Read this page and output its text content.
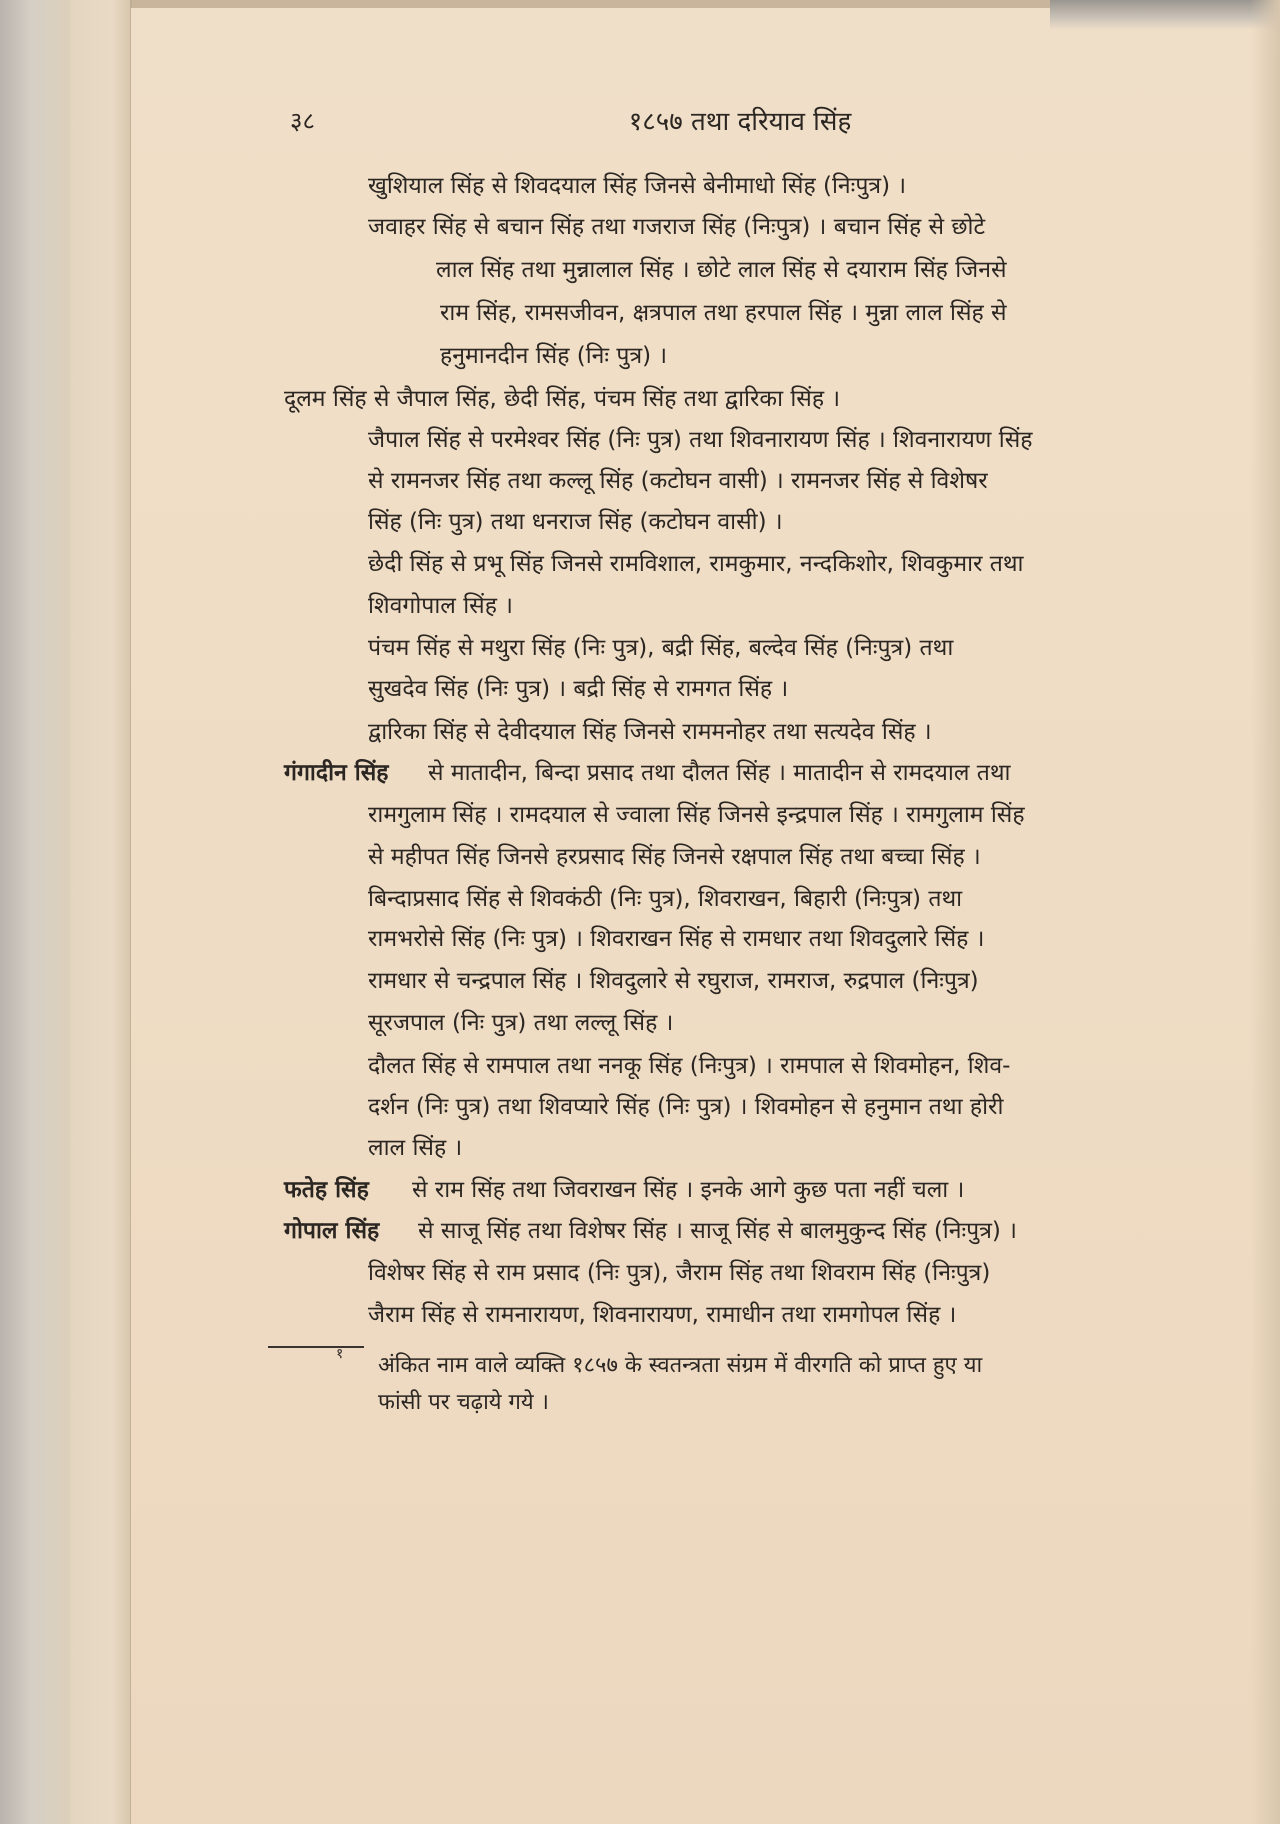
३८	१८५७ तथा दरियाव सिंह
खुशियाल सिंह से शिवदयाल सिंह जिनसे बेनीमाधो सिंह (निःपुत्र) ।
जवाहर सिंह से बचान सिंह तथा गजराज सिंह (निःपुत्र) । बचान सिंह से छोटे
लाल सिंह तथा मुन्नालाल सिंह । छोटे लाल सिंह से दयाराम सिंह जिनसे
राम सिंह, रामसजीवन, क्षत्रपाल तथा हरपाल सिंह । मुन्ना लाल सिंह से
हनुमानदीन सिंह (निः पुत्र) ।
दूलम सिंह से जैपाल सिंह, छेदी सिंह, पंचम सिंह तथा द्वारिका सिंह ।
जैपाल सिंह से परमेश्वर सिंह (निः पुत्र) तथा शिवनारायण सिंह । शिवनारायण सिंह
से रामनजर सिंह तथा कल्लू सिंह (कटोघन वासी) । रामनजर सिंह से विशेषर
सिंह (निः पुत्र) तथा धनराज सिंह (कटोघन वासी) ।
छेदी सिंह से प्रभू सिंह जिनसे रामविशाल, रामकुमार, नन्दकिशोर, शिवकुमार तथा
शिवगोपाल सिंह ।
पंचम सिंह से मथुरा सिंह (निः पुत्र), बद्री सिंह, बल्देव सिंह (निःपुत्र) तथा
सुखदेव सिंह (निः पुत्र) । बद्री सिंह से रामगत सिंह ।
द्वारिका सिंह से देवीदयाल सिंह जिनसे राममनोहर तथा सत्यदेव सिंह ।
गंगादीन सिंह से मातादीन, बिन्दा प्रसाद तथा दौलत सिंह । मातादीन से रामदयाल तथा
रामगुलाम सिंह । रामदयाल से ज्वाला सिंह जिनसे इन्द्रपाल सिंह । रामगुलाम सिंह
से महीपत सिंह जिनसे हरप्रसाद सिंह जिनसे रक्षपाल सिंह तथा बच्चा सिंह ।
बिन्दाप्रसाद सिंह से शिवकंठी (निः पुत्र), शिवराखन, बिहारी (निःपुत्र) तथा
रामभरोसे सिंह (निः पुत्र) । शिवराखन सिंह से रामधार तथा शिवदुलारे सिंह ।
रामधार से चन्द्रपाल सिंह । शिवदुलारे से रघुराज, रामराज, रुद्रपाल (निःपुत्र)
सूरजपाल (निः पुत्र) तथा लल्लू सिंह ।
दौलत सिंह से रामपाल तथा ननकू सिंह (निःपुत्र) । रामपाल से शिवमोहन, शिव-
दर्शन (निः पुत्र) तथा शिवप्यारे सिंह (निः पुत्र) । शिवमोहन से हनुमान तथा होरी
लाल सिंह ।
फतेह सिंह से राम सिंह तथा जिवराखन सिंह । इनके आगे कुछ पता नहीं चला ।
गोपाल सिंह से साजू सिंह तथा विशेषर सिंह । साजू सिंह से बालमुकुन्द सिंह (निःपुत्र) ।
विशेषर सिंह से राम प्रसाद (निः पुत्र), जैराम सिंह तथा शिवराम सिंह (निःपुत्र)
जैराम सिंह से रामनारायण, शिवनारायण, रामाधीन तथा रामगोपल सिंह ।
१ अंकित नाम वाले व्यक्ति १८५७ के स्वतन्त्रता संग्रम में वीरगति को प्राप्त हुए या
फांसी पर चढ़ाये गये ।
